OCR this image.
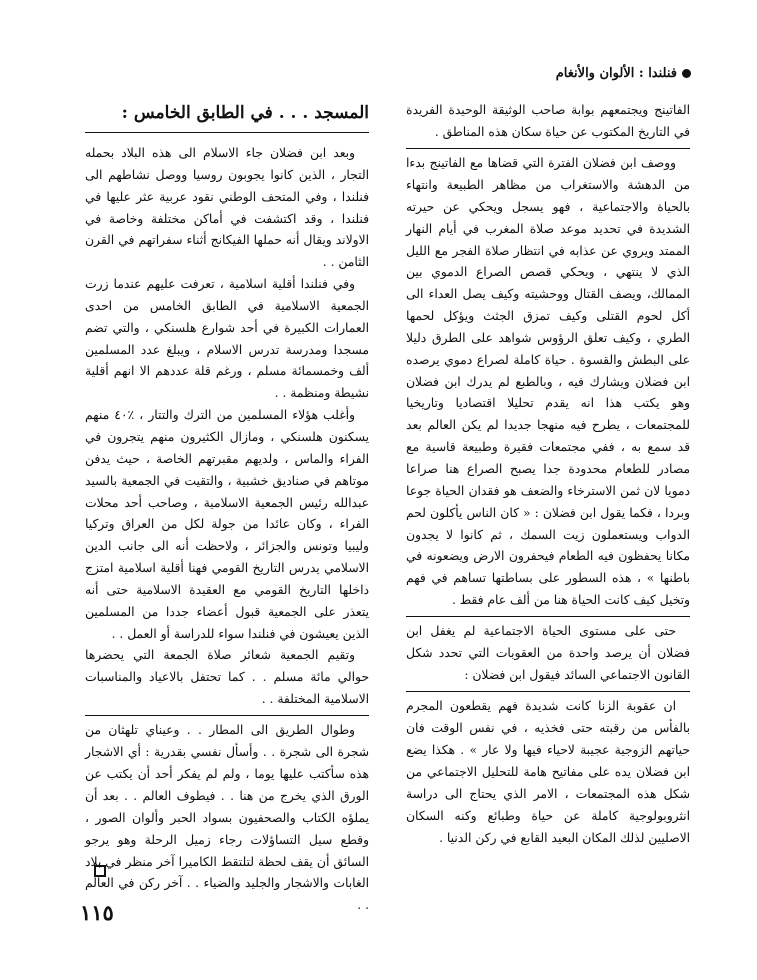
فنلندا : الألوان والأنغام

الفاتينج ويجتمعهم بوابة صاحب الوثيقة الوحيدة الفريدة في التاريخ المكتوب عن حياة سكان هذه المناطق .

ووصف ابن فضلان الفترة التي قضاها مع الفاتينج بدءا من الدهشة والاستغراب من مظاهر الطبيعة وانتهاء بالحياة والاجتماعية ، فهو يسجل ويحكي عن حيرته الشديدة في تحديد موعد صلاة المغرب في أيام النهار الممتد ويروي عن عذابه في انتظار صلاة الفجر مع الليل الذي لا ينتهي ، ويحكي قصص الصراع الدموي بين الممالك، ويصف القتال ووحشيته وكيف يصل العداء الى أكل لحوم القتلى وكيف تمزق الجثث ويؤكل لحمها الطري ، وكيف تعلق الرؤوس شواهد على الطرق دليلا على البطش والقسوة . حياة كاملة لصراع دموي يرصده ابن فضلان ويشارك فيه ، وبالطبع لم يدرك ابن فضلان وهو يكتب هذا انه يقدم تحليلا اقتصاديا وتاريخيا للمجتمعات ، يطرح فيه منهجا جديدا لم يكن العالم بعد قد سمع به ، ففي مجتمعات فقيرة وطبيعة قاسية مع مصادر للطعام محدودة جدا يصبح الصراع هنا صراعا دمويا لان ثمن الاسترخاء والضعف هو فقدان الحياة جوعا وبردا ، فكما يقول ابن فضلان : « كان الناس يأكلون لحم الدواب ويستعملون زيت السمك ، ثم كانوا لا يجدون مكانا يحفظون فيه الطعام فيحفرون الارض ويضعونه في باطنها » ، هذه السطور على بساطتها تساهم في فهم وتخيل كيف كانت الحياة هنا من ألف عام فقط .

حتى على مستوى الحياة الاجتماعية لم يغفل ابن فضلان أن يرصد واحدة من العقوبات التي تحدد شكل القانون الاجتماعي السائد فيقول ابن فضلان :

ان عقوبة الزنا كانت شديدة فهم يقطعون المجرم بالفأس من رقبته حتى فخذيه ، في نفس الوقت فان حياتهم الزوجية عجيبة لاحياء فيها ولا عار » . هكذا يضع ابن فضلان يده على مفاتيح هامة للتحليل الاجتماعي من شكل هذه المجتمعات ، الامر الذي يحتاج الى دراسة انثروبولوجية كاملة عن حياة وطبائع وكنه السكان الاصليين لذلك المكان البعيد القابع في ركن الدنيا .

المسجد . . . في الطابق الخامس :

وبعد ابن فضلان جاء الاسلام الى هذه البلاد بحمله التجار ، الذين كانوا يجوبون روسيا ووصل نشاطهم الى فنلندا ، وفي المتحف الوطني نقود عربية عثر عليها في فنلندا ، وقد اكتشفت في أماكن مختلفة وخاصة في الاولاند ويقال أنه حملها الفيكانج أثناء سفراتهم في القرن الثامن . .

وفي فنلندا أقلية اسلامية ، تعرفت عليهم عندما زرت الجمعية الاسلامية في الطابق الخامس من احدى العمارات الكبيرة في أحد شوارع هلسنكي ، والتي تضم مسجدا ومدرسة تدرس الاسلام ، ويبلغ عدد المسلمين ألف وخمسمائة مسلم ، ورغم قلة عددهم الا انهم أقلية نشيطة ومنظمة . .

وأغلب هؤلاء المسلمين من الترك والتتار ، ٪٤٠ منهم يسكنون هلسنكي ، ومازال الكثيرون منهم يتجرون في الفراء والماس ، ولديهم مقبرتهم الخاصة ، حيث يدفن موتاهم في صناديق خشبية ، والتقيت في الجمعية بالسيد عبدالله رئيس الجمعية الاسلامية ، وصاحب أحد محلات الفراء ، وكان عائدا من جولة لكل من العراق وتركيا وليبيا وتونس والجزائر ، ولاحظت أنه الى جانب الدين الاسلامي يدرس التاريخ القومي فهنا أقلية اسلامية امتزج داخلها التاريخ القومي مع العقيدة الاسلامية حتى أنه يتعذر على الجمعية قبول أعضاء جددا من المسلمين الذين يعيشون في فنلندا سواء للدراسة أو العمل . .

وتقيم الجمعية شعائر صلاة الجمعة التي يحضرها حوالي مائة مسلم . . كما تحتفل بالاعياد والمناسبات الاسلامية المختلفة . .

وطوال الطريق الى المطار . . وعيناي تلهثان من شجرة الى شجرة . . وأسأل نفسي بقدرية : أي الاشجار هذه سأكتب عليها يوما ، ولم لم يفكر أحد أن يكتب عن الورق الذي يخرج من هنا . . فيطوف العالم . . بعد أن يملؤه الكتاب والصحفيون بسواد الحبر وألوان الصور ، وقطع سيل التساؤلات رجاء زميل الرحلة وهو يرجو السائق أن يقف لحظة لتلتقط الكاميرا آخر منظر في بلاد الغابات والاشجار والجليد والضياء . . آخر ركن في العالم . .

١١٥
